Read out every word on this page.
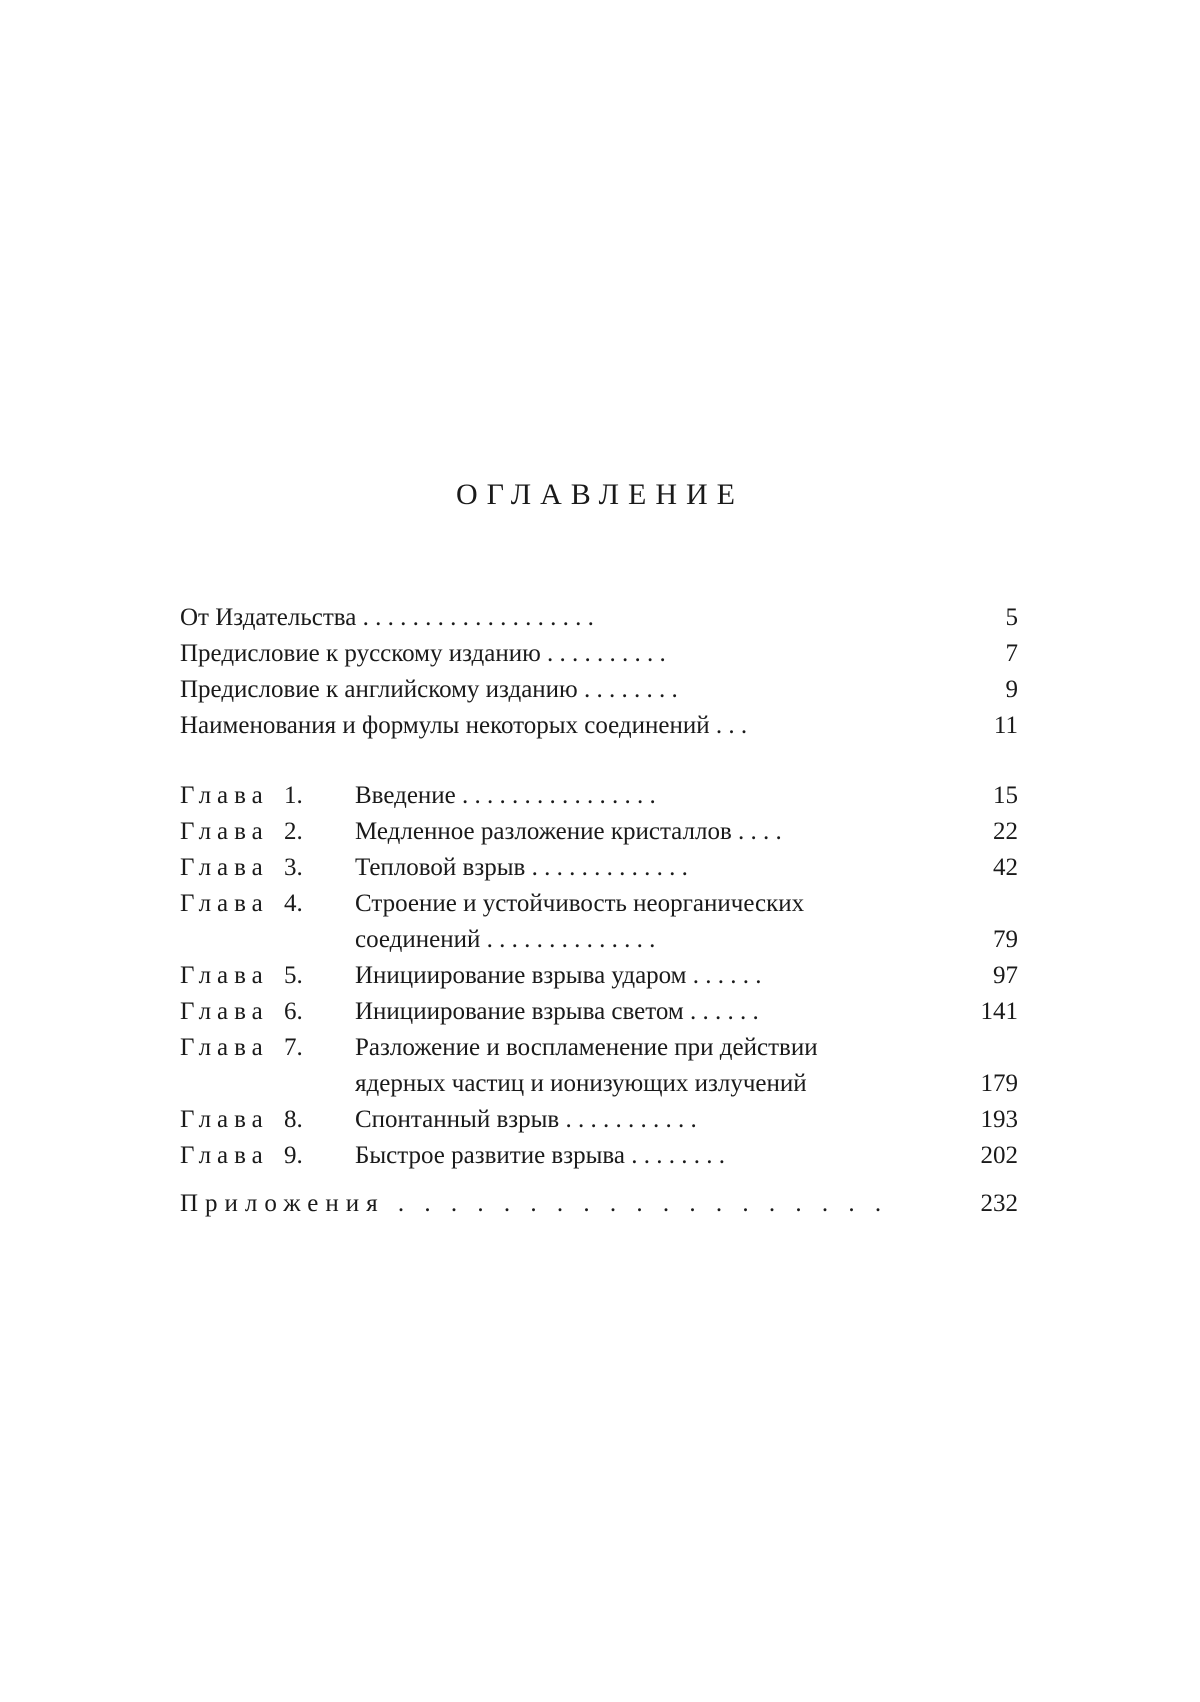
ОГЛАВЛЕНИЕ
От Издательства . . . . . . . . . . . . . . . . . . .	5
Предисловие к русскому изданию . . . . . . . . . .	7
Предисловие к английскому изданию . . . . . . . .	9
Наименования и формулы некоторых соединений . . .	11
Глава 1. Введение . . . . . . . . . . . . . . . .	15
Глава 2. Медленное разложение кристаллов . . . .	22
Глава 3. Тепловой взрыв . . . . . . . . . . . . .	42
Глава 4. Строение и устойчивость неорганических
соединений . . . . . . . . . . . . . .	79
Глава 5. Инициирование взрыва ударом . . . . . .	97
Глава 6. Инициирование взрыва светом . . . . . .	141
Глава 7. Разложение и воспламенение при действии
ядерных частиц и ионизующих излучений	179
Глава 8. Спонтанный взрыв . . . . . . . . . . .	193
Глава 9. Быстрое развитие взрыва . . . . . . . .	202
Приложения . . . . . . . . . . . . . . . . . . .	232
